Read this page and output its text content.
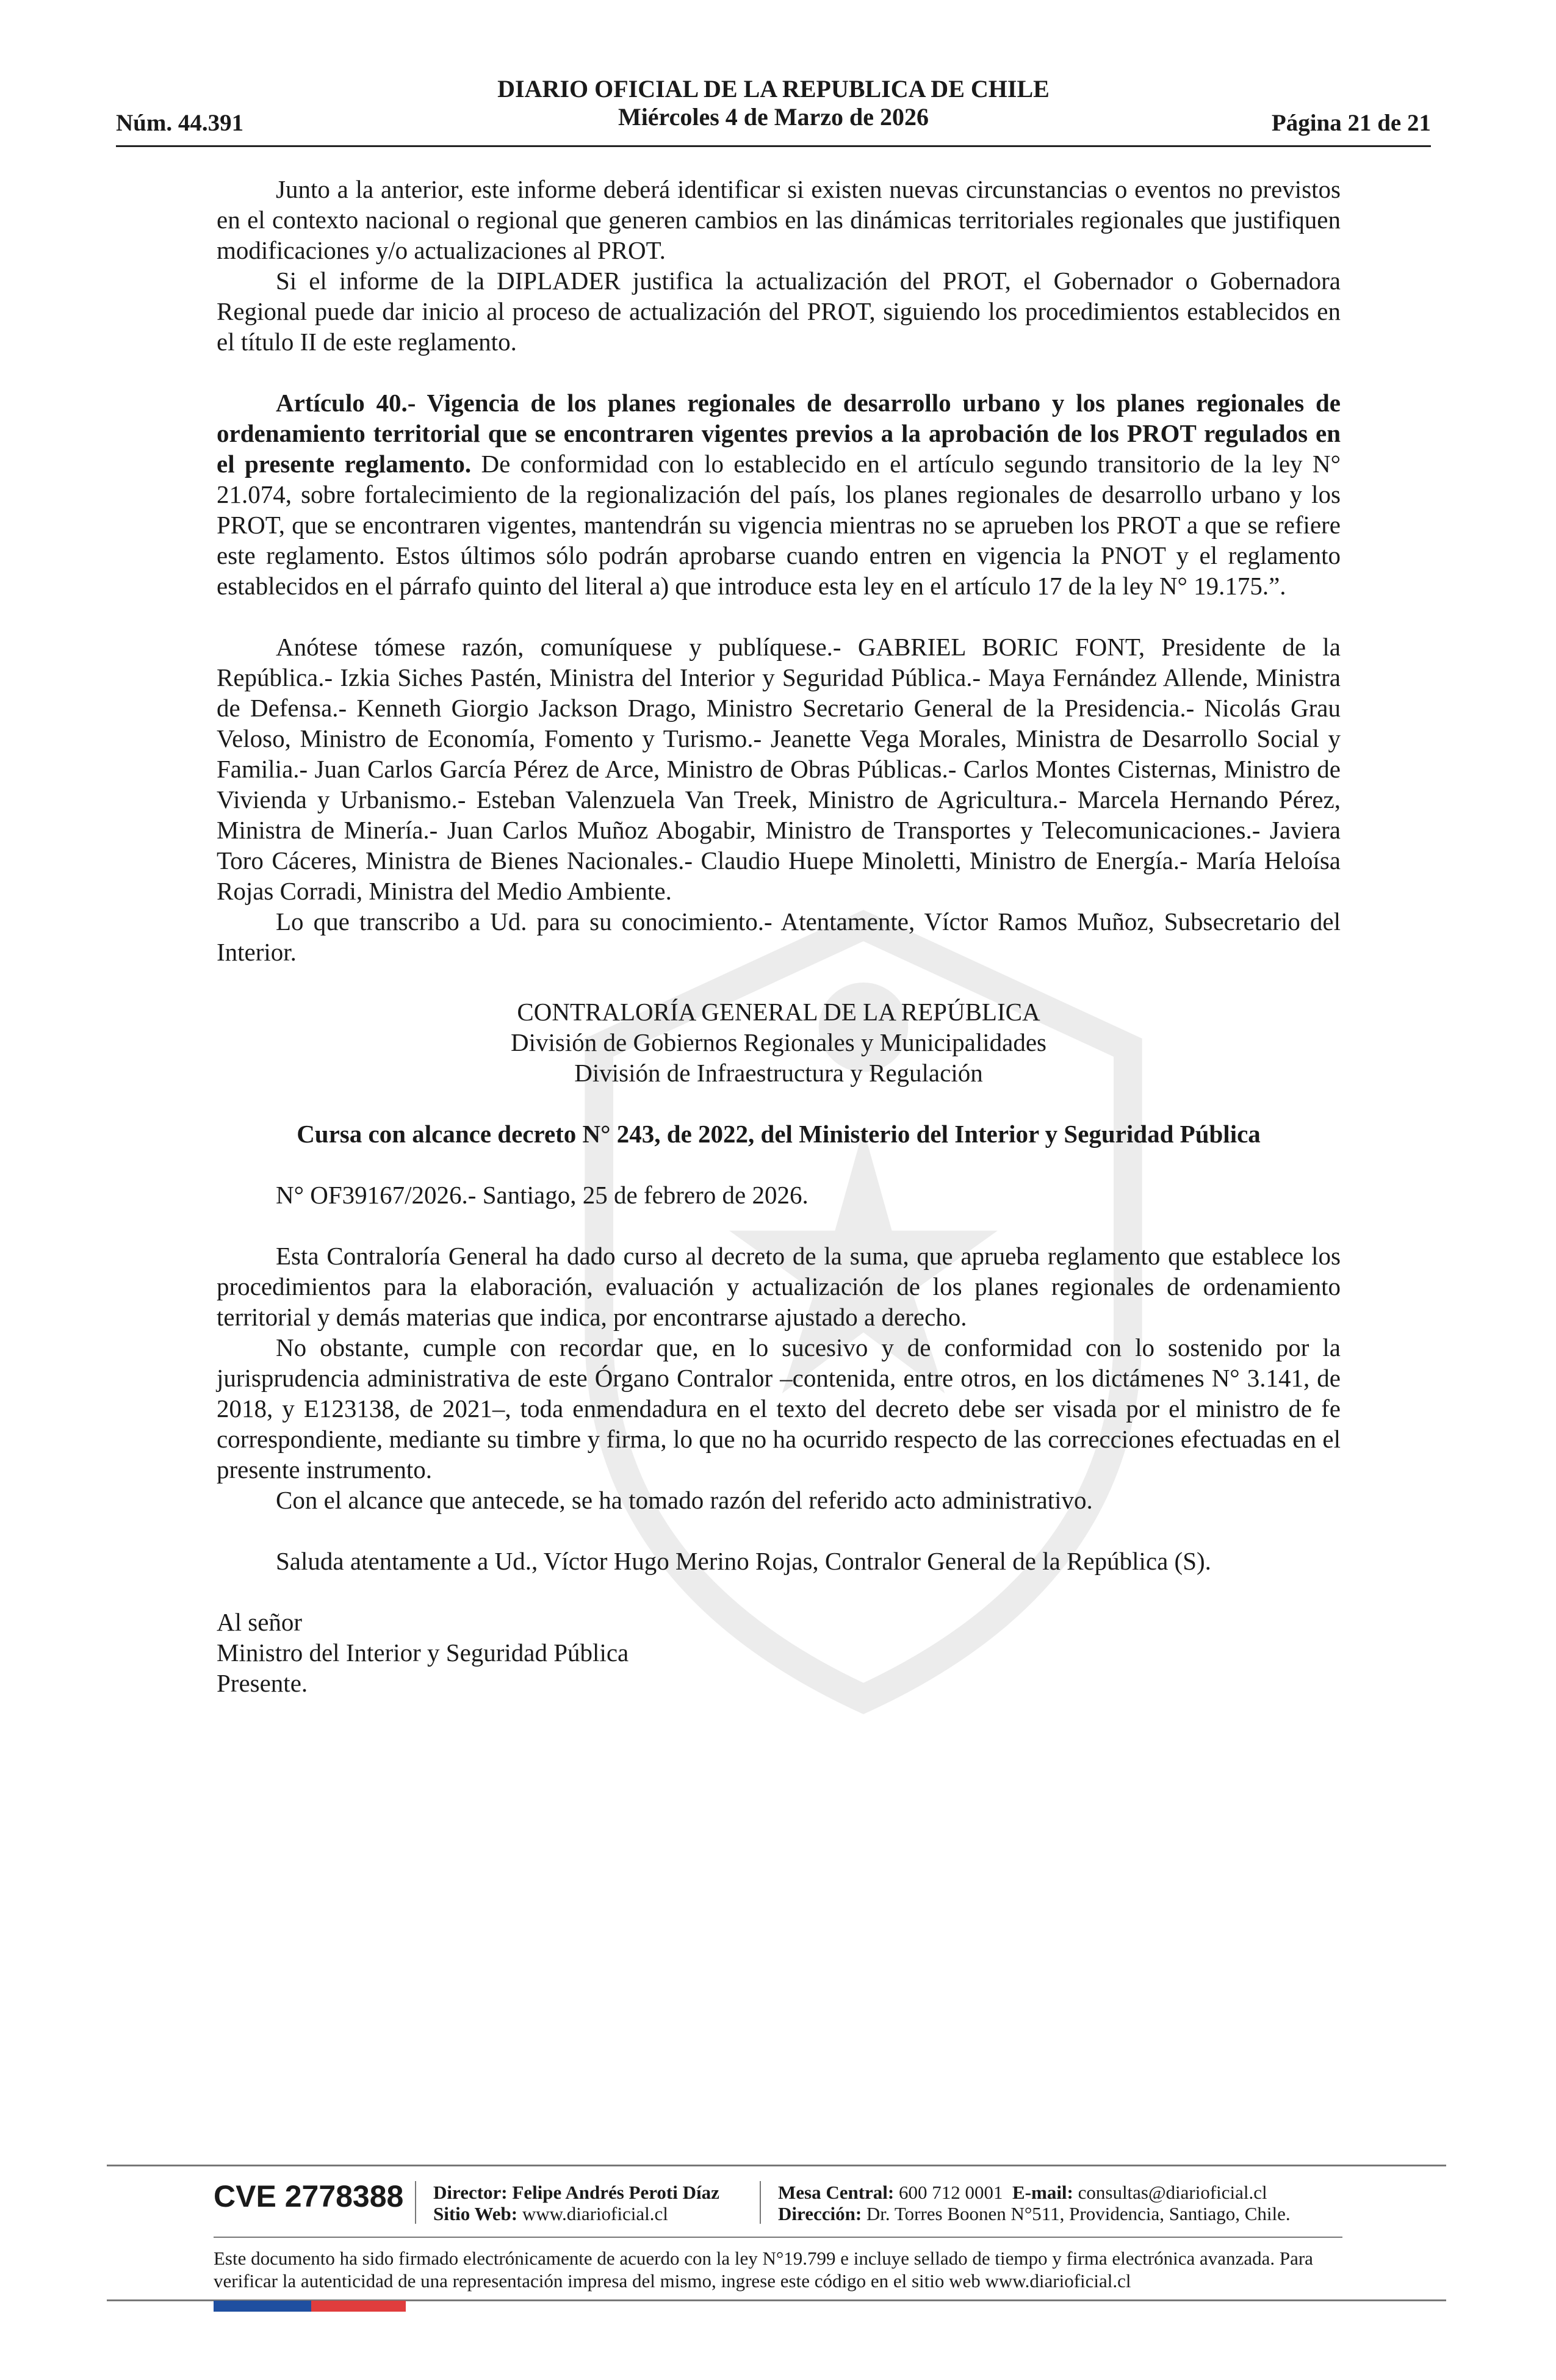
Núm. 44.391
DIARIO OFICIAL DE LA REPUBLICA DE CHILE
Miércoles 4 de Marzo de 2026	Página 21 de 21

Junto a la anterior, este informe deberá identificar si existen nuevas circunstancias o eventos no previstos en el contexto nacional o regional que generen cambios en las dinámicas territoriales regionales que justifiquen modificaciones y/o actualizaciones al PROT.

Si el informe de la DIPLADER justifica la actualización del PROT, el Gobernador o Gobernadora Regional puede dar inicio al proceso de actualización del PROT, siguiendo los procedimientos establecidos en el título II de este reglamento.

Artículo 40.- Vigencia de los planes regionales de desarrollo urbano y los planes regionales de ordenamiento territorial que se encontraren vigentes previos a la aprobación de los PROT regulados en el presente reglamento. De conformidad con lo establecido en el artículo segundo transitorio de la ley N° 21.074, sobre fortalecimiento de la regionalización del país, los planes regionales de desarrollo urbano y los PROT, que se encontraren vigentes, mantendrán su vigencia mientras no se aprueben los PROT a que se refiere este reglamento. Estos últimos sólo podrán aprobarse cuando entren en vigencia la PNOT y el reglamento establecidos en el párrafo quinto del literal a) que introduce esta ley en el artículo 17 de la ley N° 19.175.”.

Anótese tómese razón, comuníquese y publíquese.- GABRIEL BORIC FONT, Presidente de la República.- Izkia Siches Pastén, Ministra del Interior y Seguridad Pública.- Maya Fernández Allende, Ministra de Defensa.- Kenneth Giorgio Jackson Drago, Ministro Secretario General de la Presidencia.- Nicolás Grau Veloso, Ministro de Economía, Fomento y Turismo.- Jeanette Vega Morales, Ministra de Desarrollo Social y Familia.- Juan Carlos García Pérez de Arce, Ministro de Obras Públicas.- Carlos Montes Cisternas, Ministro de Vivienda y Urbanismo.- Esteban Valenzuela Van Treek, Ministro de Agricultura.- Marcela Hernando Pérez, Ministra de Minería.- Juan Carlos Muñoz Abogabir, Ministro de Transportes y Telecomunicaciones.- Javiera Toro Cáceres, Ministra de Bienes Nacionales.- Claudio Huepe Minoletti, Ministro de Energía.- María Heloísa Rojas Corradi, Ministra del Medio Ambiente.

Lo que transcribo a Ud. para su conocimiento.- Atentamente, Víctor Ramos Muñoz, Subsecretario del Interior.

CONTRALORÍA GENERAL DE LA REPÚBLICA

División de Gobiernos Regionales y Municipalidades

División de Infraestructura y Regulación

Cursa con alcance decreto N° 243, de 2022, del Ministerio del Interior y Seguridad Pública

N° OF39167/2026.- Santiago, 25 de febrero de 2026.

Esta Contraloría General ha dado curso al decreto de la suma, que aprueba reglamento que establece los procedimientos para la elaboración, evaluación y actualización de los planes regionales de ordenamiento territorial y demás materias que indica, por encontrarse ajustado a derecho.

No obstante, cumple con recordar que, en lo sucesivo y de conformidad con lo sostenido por la jurisprudencia administrativa de este Órgano Contralor –contenida, entre otros, en los dictámenes N° 3.141, de 2018, y E123138, de 2021–, toda enmendadura en el texto del decreto debe ser visada por el ministro de fe correspondiente, mediante su timbre y firma, lo que no ha ocurrido respecto de las correcciones efectuadas en el presente instrumento.

Con el alcance que antecede, se ha tomado razón del referido acto administrativo.

Saluda atentamente a Ud., Víctor Hugo Merino Rojas, Contralor General de la República (S).

Al señor

Ministro del Interior y Seguridad Pública

Presente.

CVE 2778388 Director: Felipe Andrés Peroti Díaz
Sitio Web: www.diarioficial.cl
Mesa Central: 600 712 0001 E-mail: consultas@diarioficial.cl
Dirección: Dr. Torres Boonen N°511, Providencia, Santiago, Chile.
Este documento ha sido firmado electrónicamente de acuerdo con la ley N°19.799 e incluye sellado de tiempo y firma electrónica avanzada. Para verificar la autenticidad de una representación impresa del mismo, ingrese este código en el sitio web www.diarioficial.cl
